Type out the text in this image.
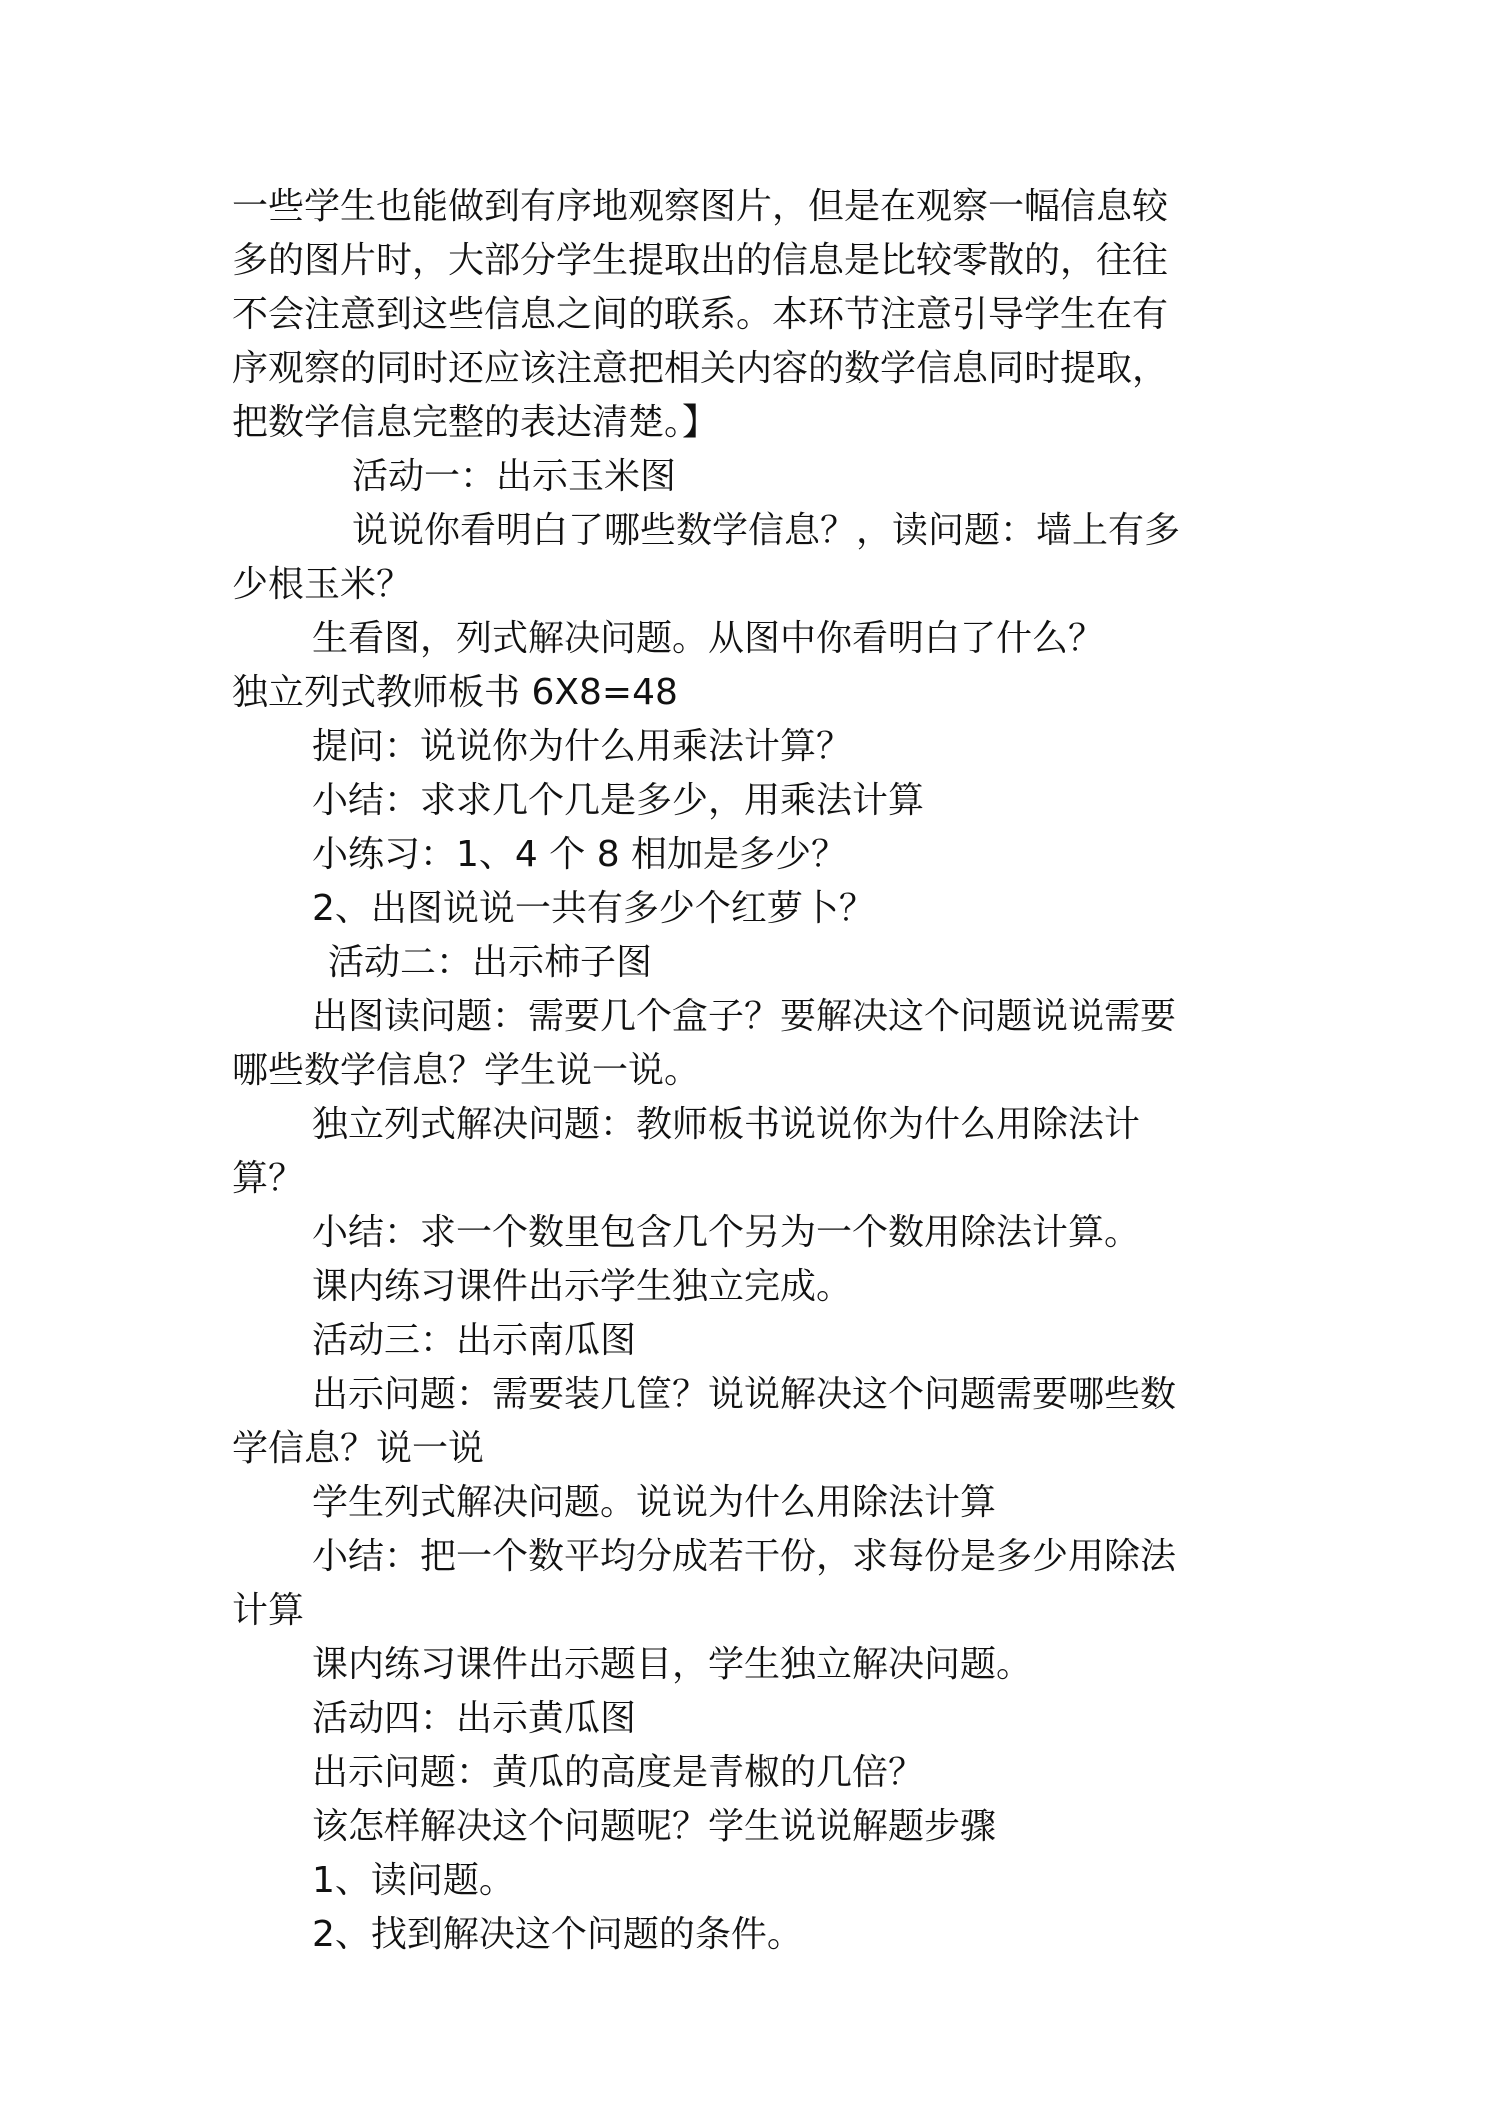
一些学生也能做到有序地观察图片，但是在观察一幅信息较
多的图片时，大部分学生提取出的信息是比较零散的，往往
不会注意到这些信息之间的联系。本环节注意引导学生在有
序观察的同时还应该注意把相关内容的数学信息同时提取，
把数学信息完整的表达清楚。】
活动一：出示玉米图
说说你看明白了哪些数学信息？，读问题：墙上有多
少根玉米？
生看图，列式解决问题。从图中你看明白了什么？
独立列式教师板书 6X8=48
提问：说说你为什么用乘法计算？
小结：求求几个几是多少，用乘法计算
小练习：1、4 个 8 相加是多少？
2、出图说说一共有多少个红萝卜？
活动二：出示柿子图
出图读问题：需要几个盒子？要解决这个问题说说需要
哪些数学信息？学生说一说。
独立列式解决问题：教师板书说说你为什么用除法计
算？
小结：求一个数里包含几个另为一个数用除法计算。
课内练习课件出示学生独立完成。
活动三：出示南瓜图
出示问题：需要装几筐？说说解决这个问题需要哪些数
学信息？说一说
学生列式解决问题。说说为什么用除法计算
小结：把一个数平均分成若干份，求每份是多少用除法
计算
课内练习课件出示题目，学生独立解决问题。
活动四：出示黄瓜图
出示问题：黄瓜的高度是青椒的几倍？
该怎样解决这个问题呢？学生说说解题步骤
1、读问题。
2、找到解决这个问题的条件。
